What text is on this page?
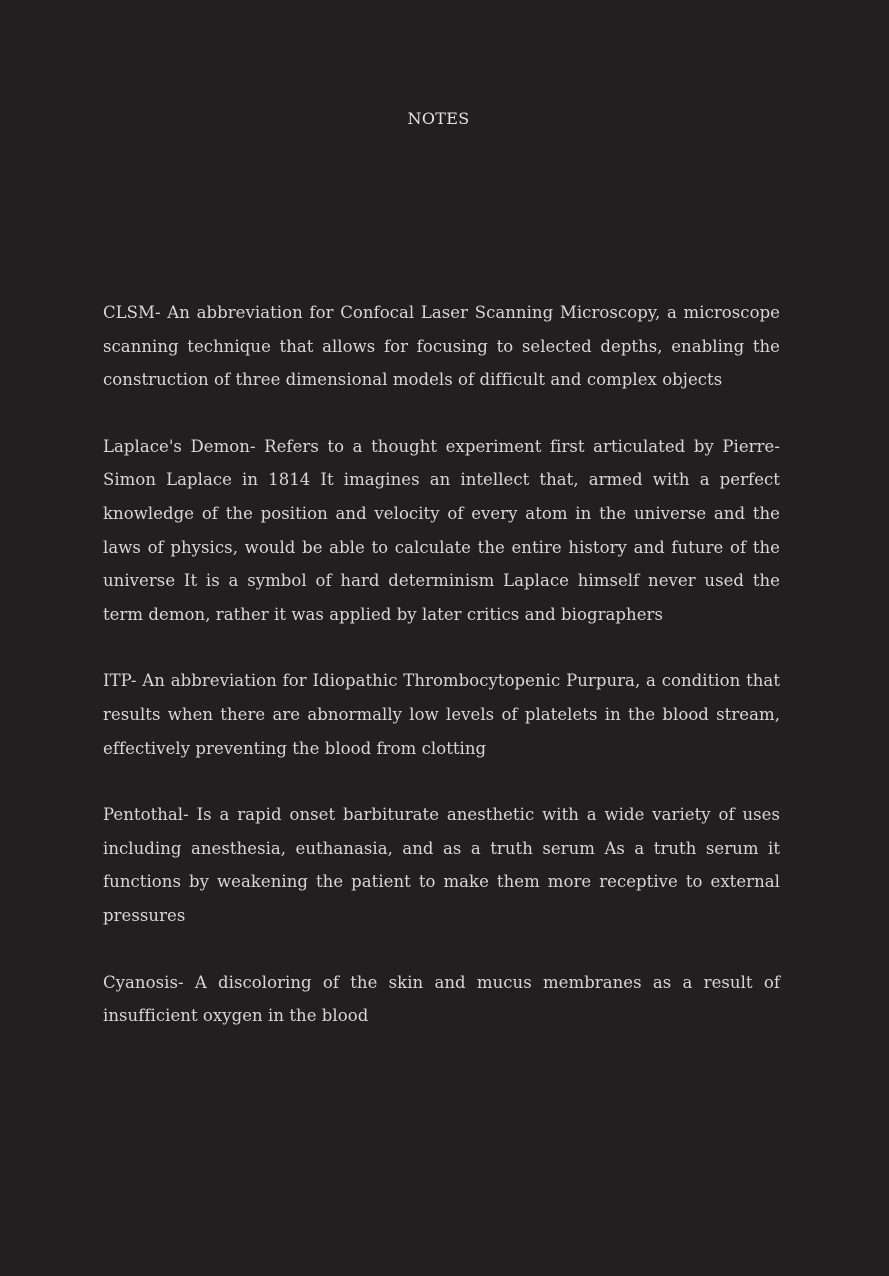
NOTES

CLSM- An abbreviation for Confocal Laser Scanning Microscopy, a microscope scanning technique that allows for focusing to selected depths, enabling the construction of three dimensional models of difficult and complex objects

Laplace's Demon- Refers to a thought experiment first articulated by Pierre-Simon Laplace in 1814 It imagines an intellect that, armed with a perfect knowledge of the position and velocity of every atom in the universe and the laws of physics, would be able to calculate the entire history and future of the universe It is a symbol of hard determinism Laplace himself never used the term demon, rather it was applied by later critics and biographers

ITP- An abbreviation for Idiopathic Thrombocytopenic Purpura, a condition that results when there are abnormally low levels of platelets in the blood stream, effectively preventing the blood from clotting

Pentothal- Is a rapid onset barbiturate anesthetic with a wide variety of uses including anesthesia, euthanasia, and as a truth serum As a truth serum it functions by weakening the patient to make them more receptive to external pressures

Cyanosis- A discoloring of the skin and mucus membranes as a result of insufficient oxygen in the blood
